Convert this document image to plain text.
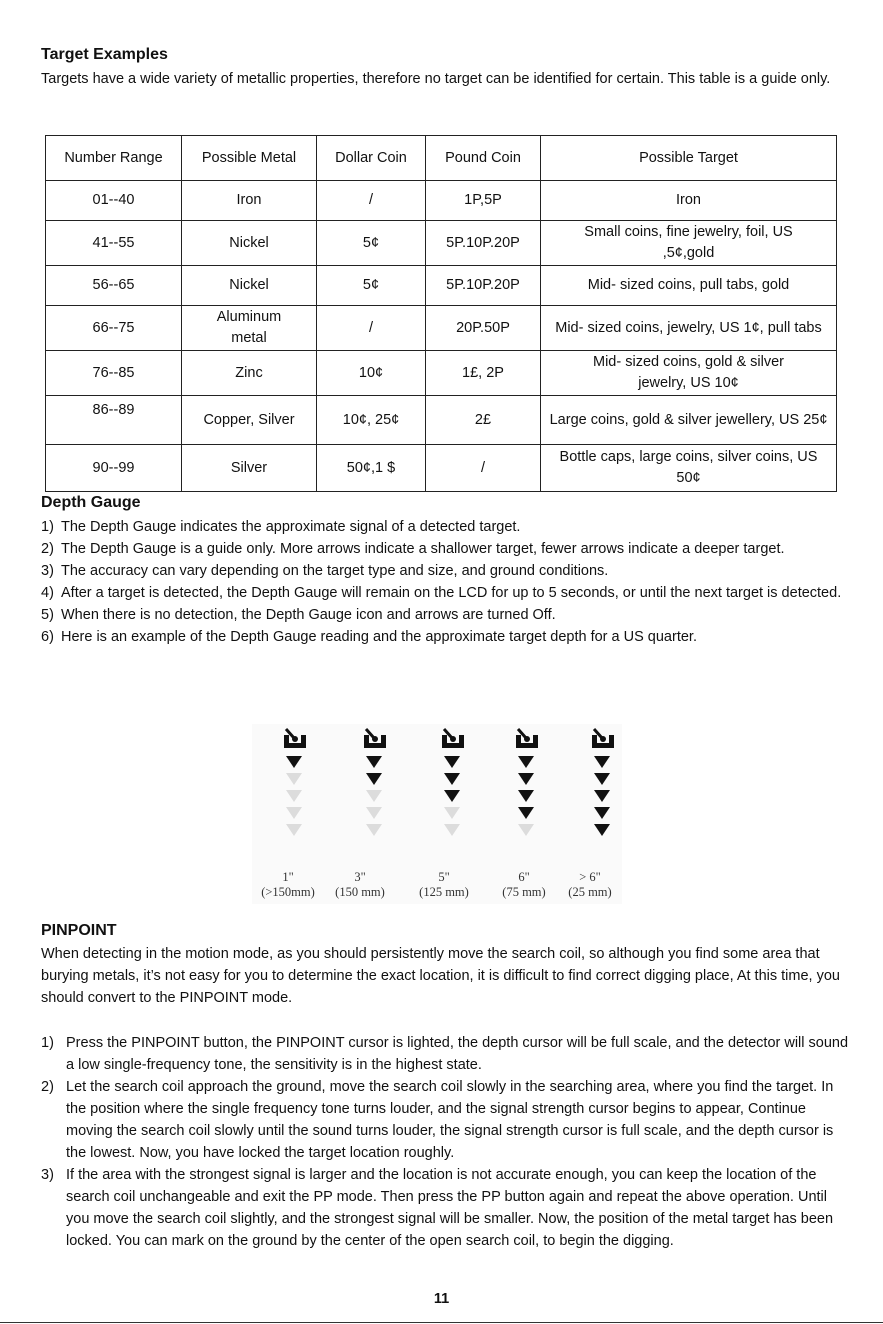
Target Examples

Targets have a wide variety of metallic properties, therefore no target can be identified for certain. This table is a guide only.

Number Range	Possible Metal	Dollar Coin	Pound Coin	Possible Target
01--40	Iron	/	1P,5P	Iron
41--55	Nickel	5¢	5P.10P.20P	Small coins, fine jewelry, foil, US ,5¢,gold
56--65	Nickel	5¢	5P.10P.20P	Mid- sized coins, pull tabs, gold
66--75	Aluminum metal	/	20P.50P	Mid- sized coins, jewelry, US 1¢, pull tabs
76--85	Zinc	10¢	1£, 2P	Mid- sized coins, gold & silver jewelry, US 10¢
86--89	Copper, Silver	10¢, 25¢	2£	Large coins, gold & silver jewellery, US 25¢
90--99	Silver	50¢,1 $	/	Bottle caps, large coins, silver coins, US 50¢
Depth Gauge
1) The Depth Gauge indicates the approximate signal of a detected target.
2) The Depth Gauge is a guide only. More arrows indicate a shallower target, fewer arrows indicate a deeper target.
3) The accuracy can vary depending on the target type and size, and ground conditions.
4) After a target is detected, the Depth Gauge will remain on the LCD for up to 5 seconds, or until the next target is detected.
5) When there is no detection, the Depth Gauge icon and arrows are turned Off.
6) Here is an example of the Depth Gauge reading and the approximate target depth for a US quarter.
1"
(>150mm)
3"
(150 mm)
5"
(125 mm)
6"
(75 mm)
> 6"
(25 mm)
PINPOINT

When detecting in the motion mode, as you should persistently move the search coil, so although you find some area that burying metals, it’s not easy for you to determine the exact location, it is difficult to find correct digging place, At this time, you should convert to the PINPOINT mode.

1) Press the PINPOINT button, the PINPOINT cursor is lighted, the depth cursor will be full scale, and the detector will sound a low single-frequency tone, the sensitivity is in the highest state.
2) Let the search coil approach the ground, move the search coil slowly in the searching area, where you find the target. In the position where the single frequency tone turns louder, and the signal strength cursor begins to appear, Continue moving the search coil slowly until the sound turns louder, the signal strength cursor is full scale, and the depth cursor is the lowest. Now, you have locked the target location roughly.
3) If the area with the strongest signal is larger and the location is not accurate enough, you can keep the location of the search coil unchangeable and exit the PP mode. Then press the PP button again and repeat the above operation. Until you move the search coil slightly, and the strongest signal will be smaller. Now, the position of the metal target has been locked. You can mark on the ground by the center of the open search coil, to begin the digging.
11
